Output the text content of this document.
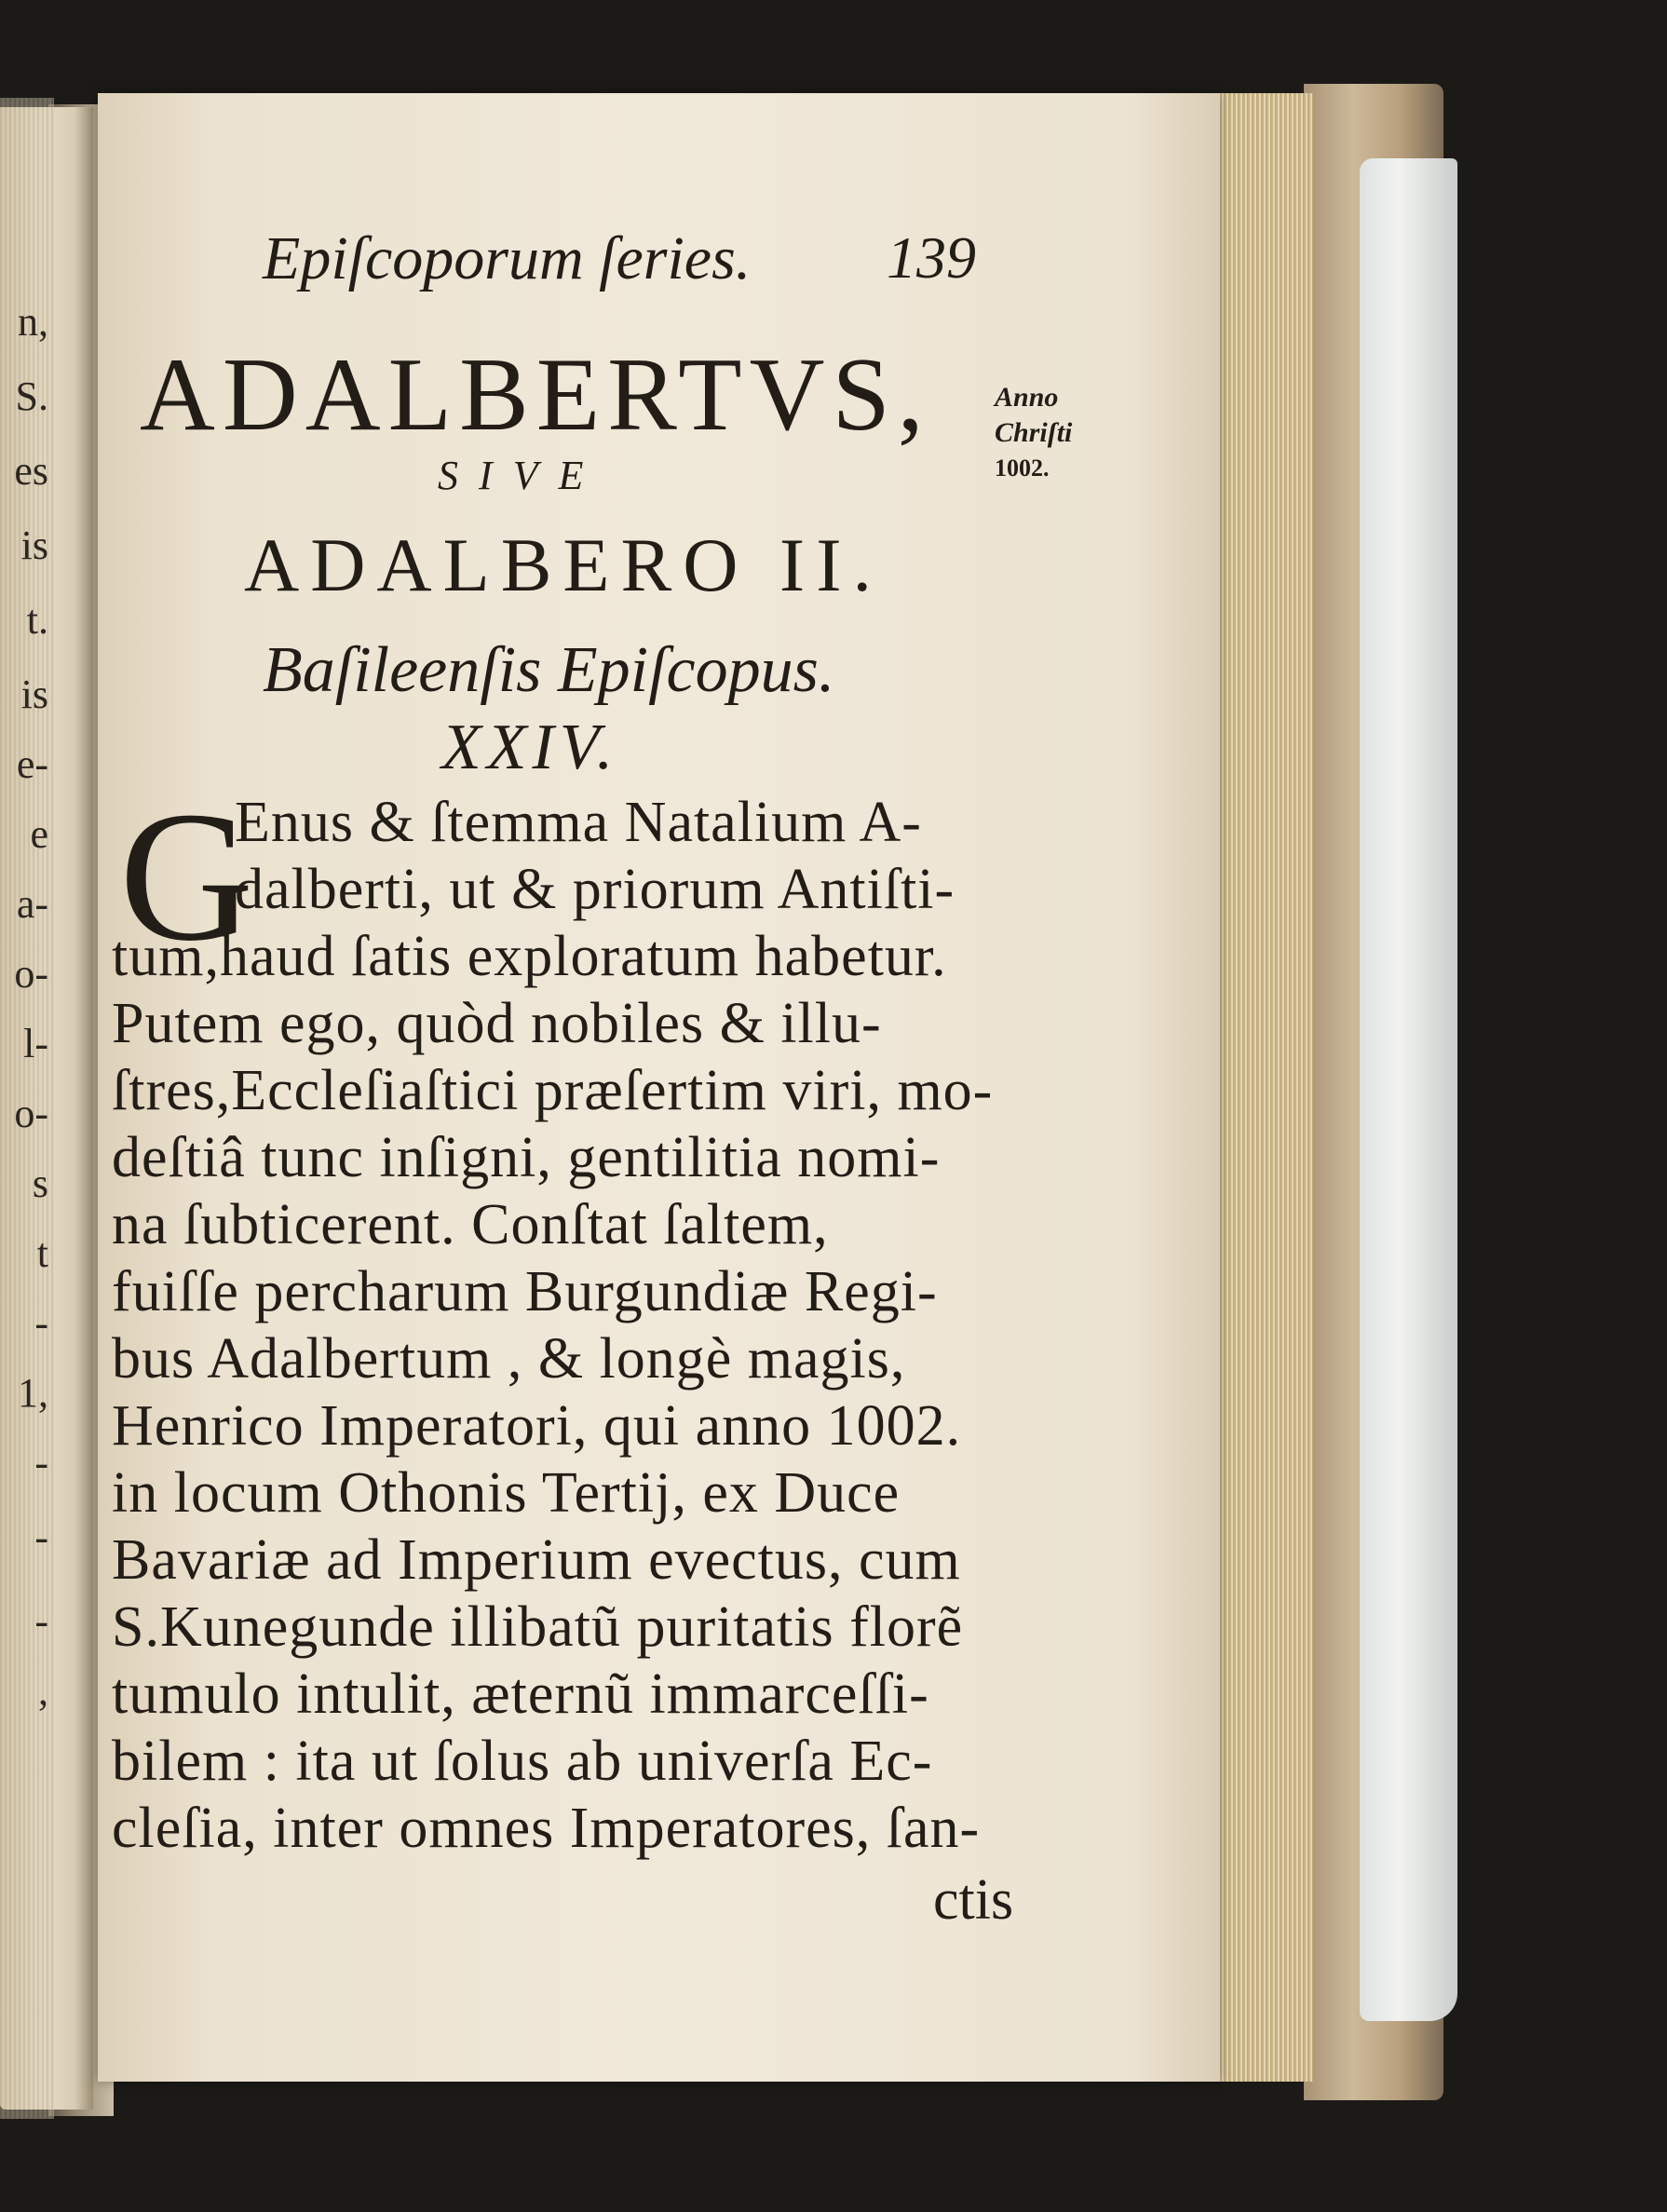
n,
S.
es
is
t.
is
e-
e
a-
o-
l-
o-
s
t
-
1,
-
-
-
,

Epiſcoporum ſeries. 139

ADALBERTVS,

SIVE

ADALBERO II.

Baſileenſis Epiſcopus.

XXIV.

Anno
Chriſti
1002.

G

Enus & ſtemma Natalium A-

dalberti, ut & priorum Antiſti-

tum,haud ſatis exploratum habetur.

Putem ego, quòd nobiles & illu-

ſtres,Eccleſiaſtici præſertim viri, mo-

deſtiâ tunc inſigni, gentilitia nomi-

na ſubticerent. Conſtat ſaltem,

fuiſſe percharum Burgundiæ Regi-

bus Adalbertum , & longè magis,

Henrico Imperatori, qui anno 1002.

in locum Othonis Tertij, ex Duce

Bavariæ ad Imperium evectus, cum

S.Kunegunde illibatũ puritatis florẽ

tumulo intulit, æternũ immarceſſi-

bilem : ita ut ſolus ab univerſa Ec-

cleſia, inter omnes Imperatores, ſan-

ctis
